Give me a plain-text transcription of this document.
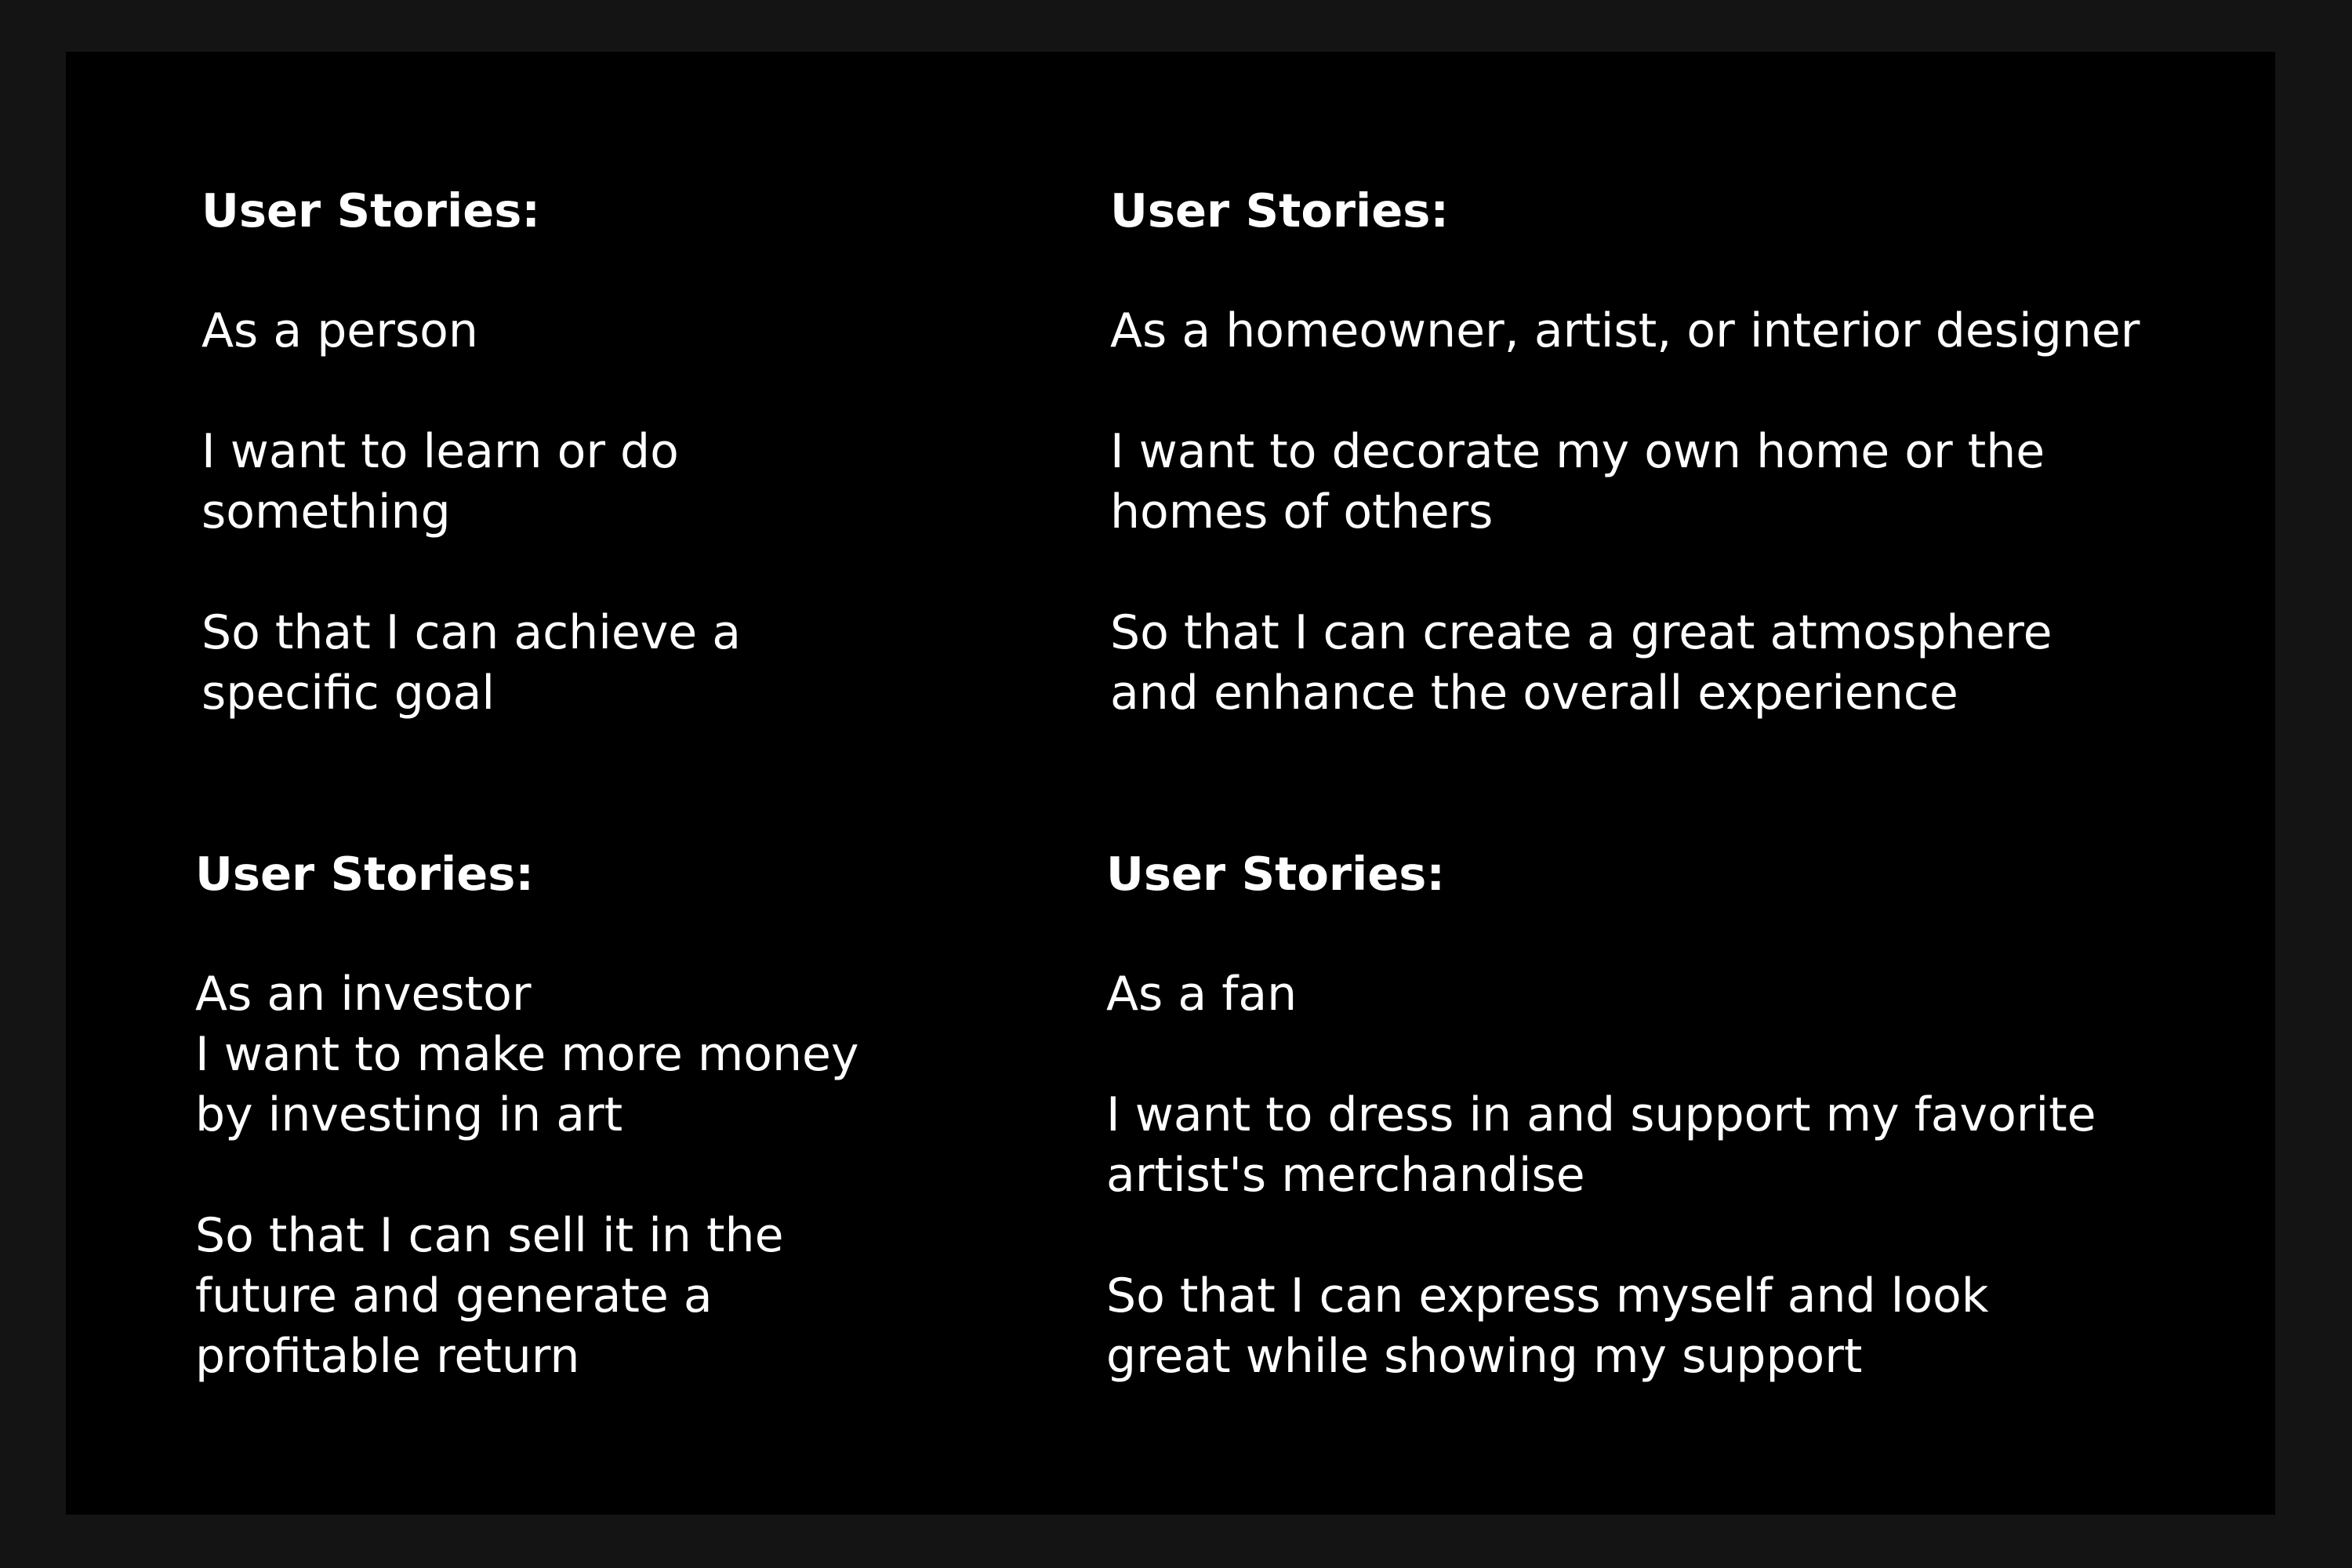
User Stories:

As a person

I want to learn or do

something

So that I can achieve a

specific goal

User Stories:

As a homeowner, artist, or interior designer

I want to decorate my own home or the

homes of others

So that I can create a great atmosphere

and enhance the overall experience

User Stories:

As an investor

I want to make more money

by investing in art

So that I can sell it in the

future and generate a

profitable return

User Stories:

As a fan

I want to dress in and support my favorite

artist's merchandise

So that I can express myself and look

great while showing my support
